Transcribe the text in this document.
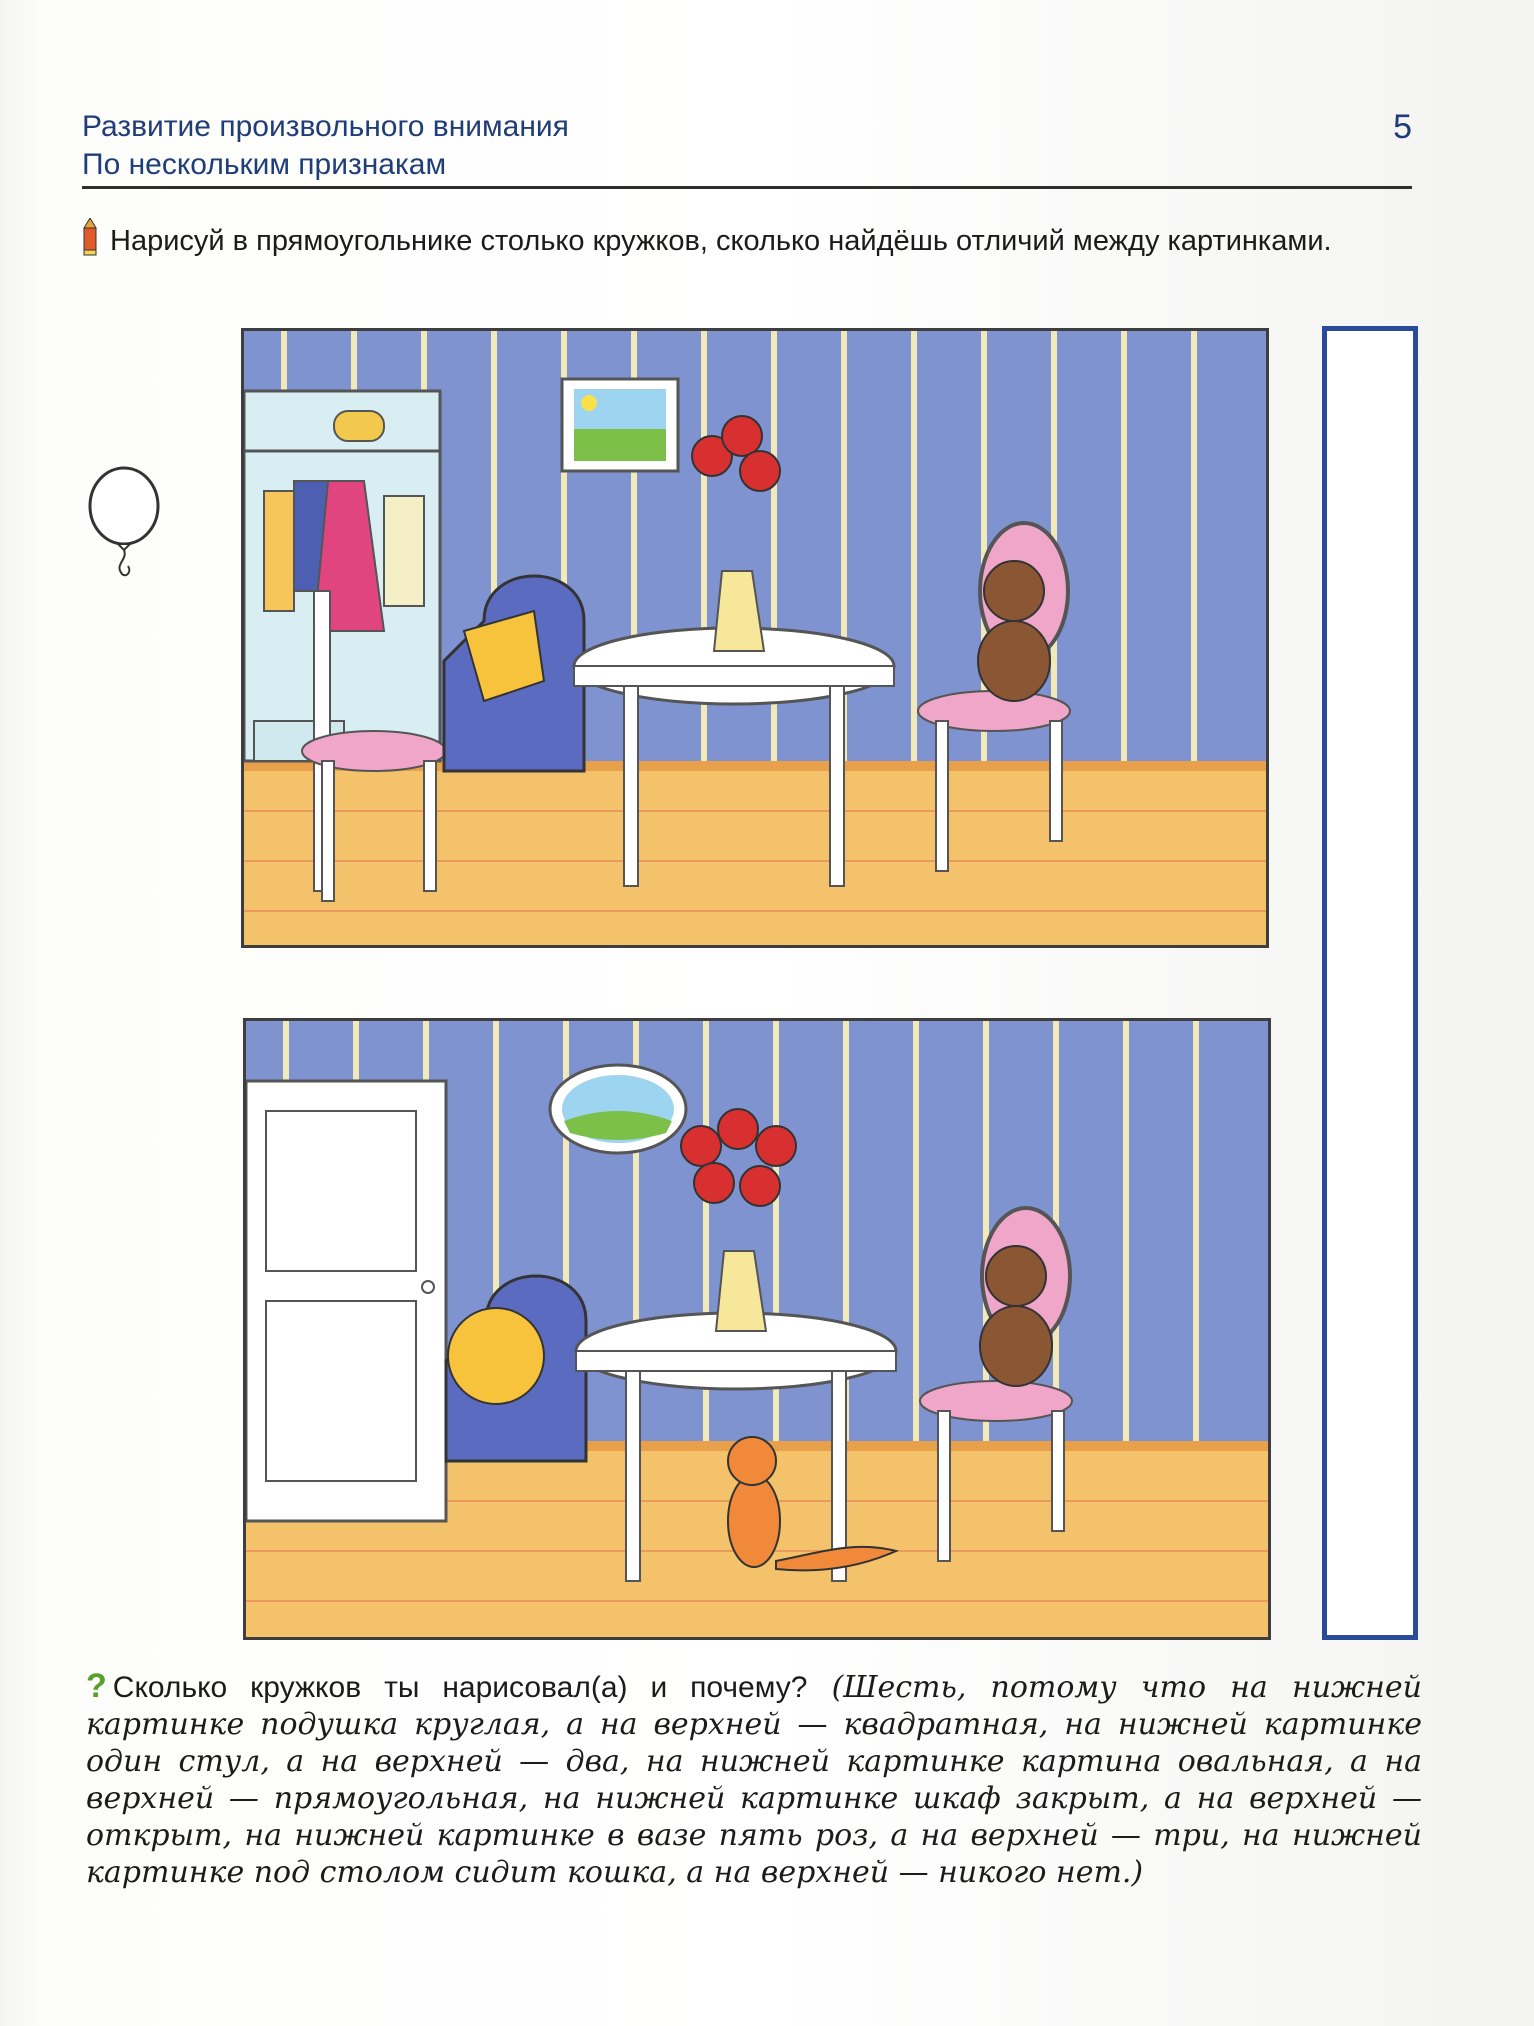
Развитие произвольного внимания
По нескольким признакам
5
Нарисуй в прямоугольнике столько кружков, сколько найдёшь отличий между картинками.
? Сколько кружков ты нарисовал(а) и почему? (Шесть, потому что на нижней картинке подушка круглая, а на верхней — квадратная, на нижней картинке один стул, а на верхней — два, на нижней картинке картина овальная, а на верхней — прямоугольная, на нижней картинке шкаф закрыт, а на верхней — открыт, на нижней картинке в вазе пять роз, а на верхней — три, на нижней картинке под столом сидит кошка, а на верхней — никого нет.)
